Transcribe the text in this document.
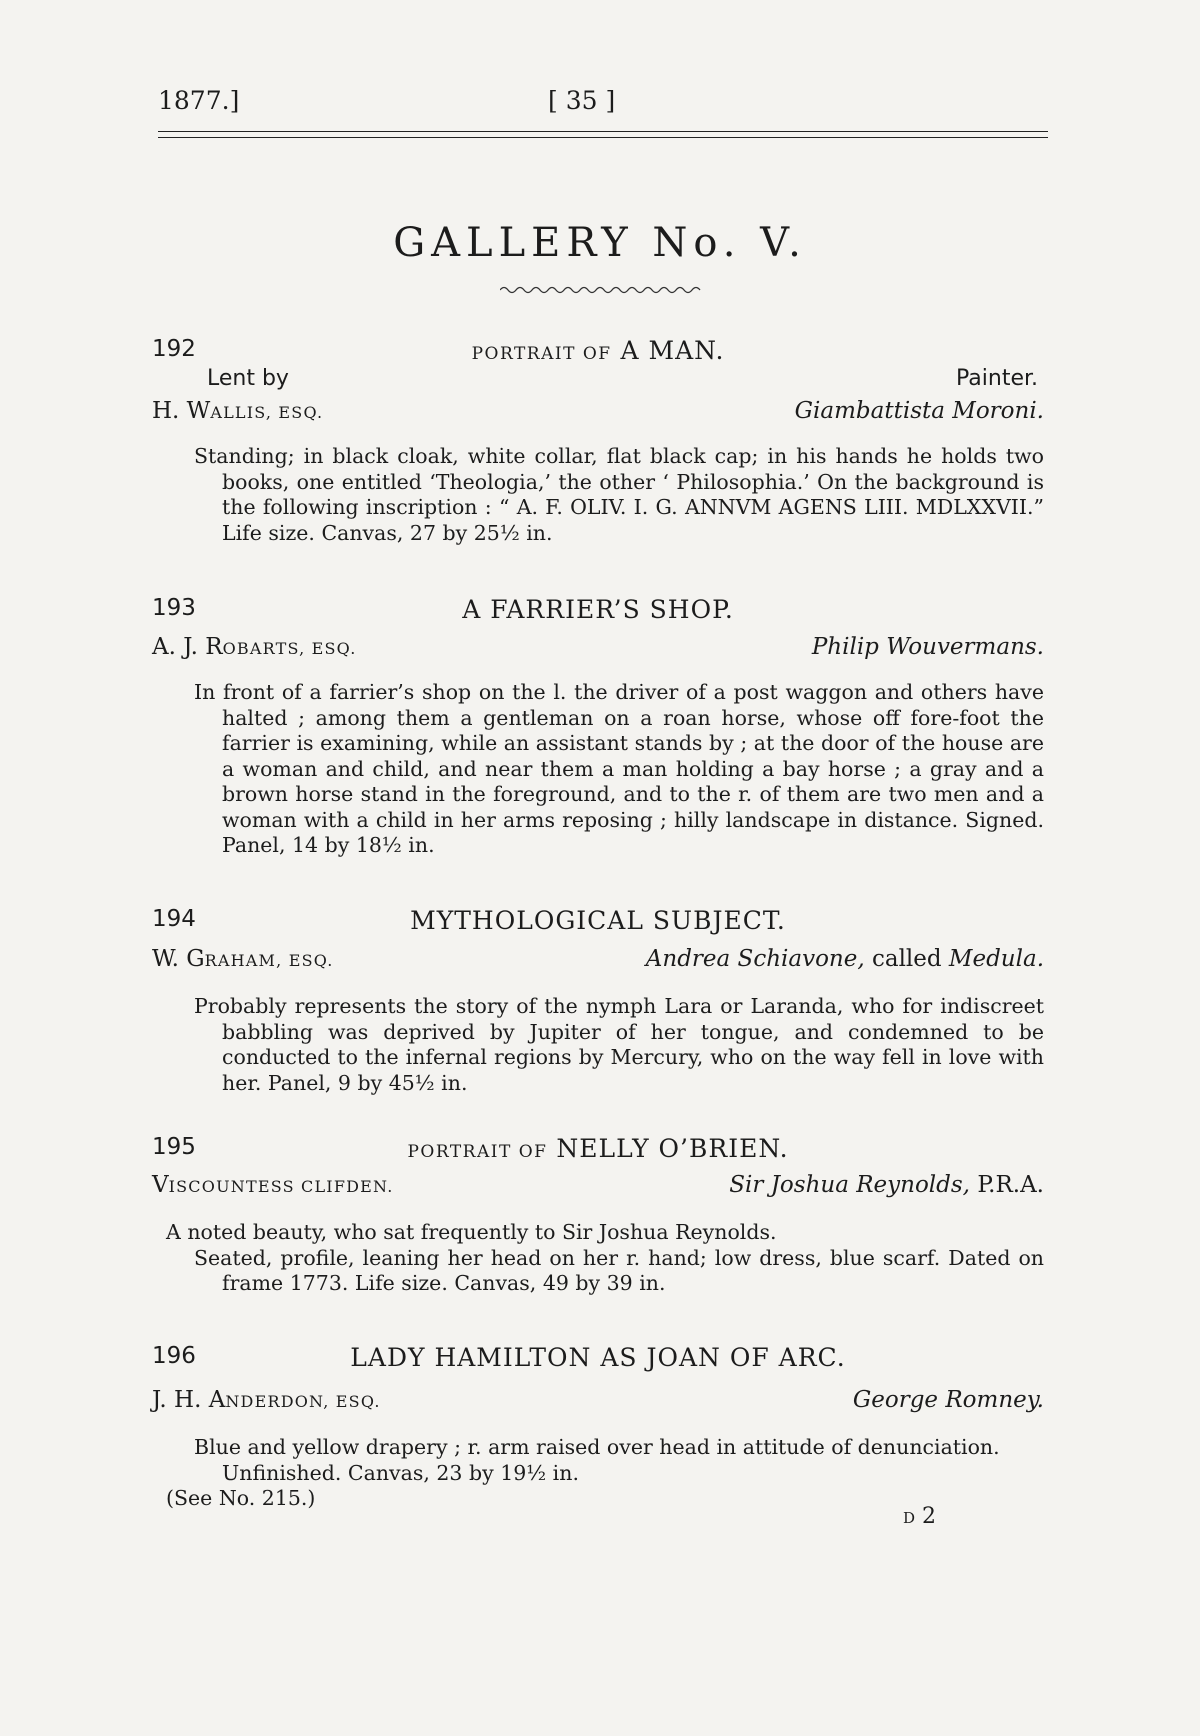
1877.]	[ 35 ]
GALLERY No. V.
192	PORTRAIT OF A MAN.
Lent by	Painter.
H. WALLIS, ESQ.	Giambattista Moroni.

Standing; in black cloak, white collar, flat black cap; in his hands he holds two books, one entitled ‘Theologia,’ the other ‘ Philosophia.’ On the background is the following inscription : “ A. F. OLIV. I. G. ANNVM AGENS LIII. MDLXXVII.” Life size. Canvas, 27 by 25½ in.

193	A FARRIER’S SHOP.
A. J. ROBARTS, ESQ.	Philip Wouvermans.

In front of a farrier’s shop on the l. the driver of a post waggon and others have halted ; among them a gentleman on a roan horse, whose off fore-foot the farrier is examining, while an assistant stands by ; at the door of the house are a woman and child, and near them a man holding a bay horse ; a gray and a brown horse stand in the foreground, and to the r. of them are two men and a woman with a child in her arms reposing ; hilly landscape in distance. Signed. Panel, 14 by 18½ in.

194	MYTHOLOGICAL SUBJECT.
W. GRAHAM, ESQ.	Andrea Schiavone, called Medula.

Probably represents the story of the nymph Lara or Laranda, who for indiscreet babbling was deprived by Jupiter of her tongue, and condemned to be conducted to the infernal regions by Mercury, who on the way fell in love with her. Panel, 9 by 45½ in.

195	PORTRAIT OF NELLY O’BRIEN.
VISCOUNTESS CLIFDEN.	Sir Joshua Reynolds, P.R.A.
A noted beauty, who sat frequently to Sir Joshua Reynolds.

Seated, profile, leaning her head on her r. hand; low dress, blue scarf. Dated on frame 1773. Life size. Canvas, 49 by 39 in.

196	LADY HAMILTON AS JOAN OF ARC.
J. H. ANDERDON, ESQ.	George Romney.

Blue and yellow drapery ; r. arm raised over head in attitude of denunciation. Unfinished. Canvas, 23 by 19½ in.

(See No. 215.)
D 2
